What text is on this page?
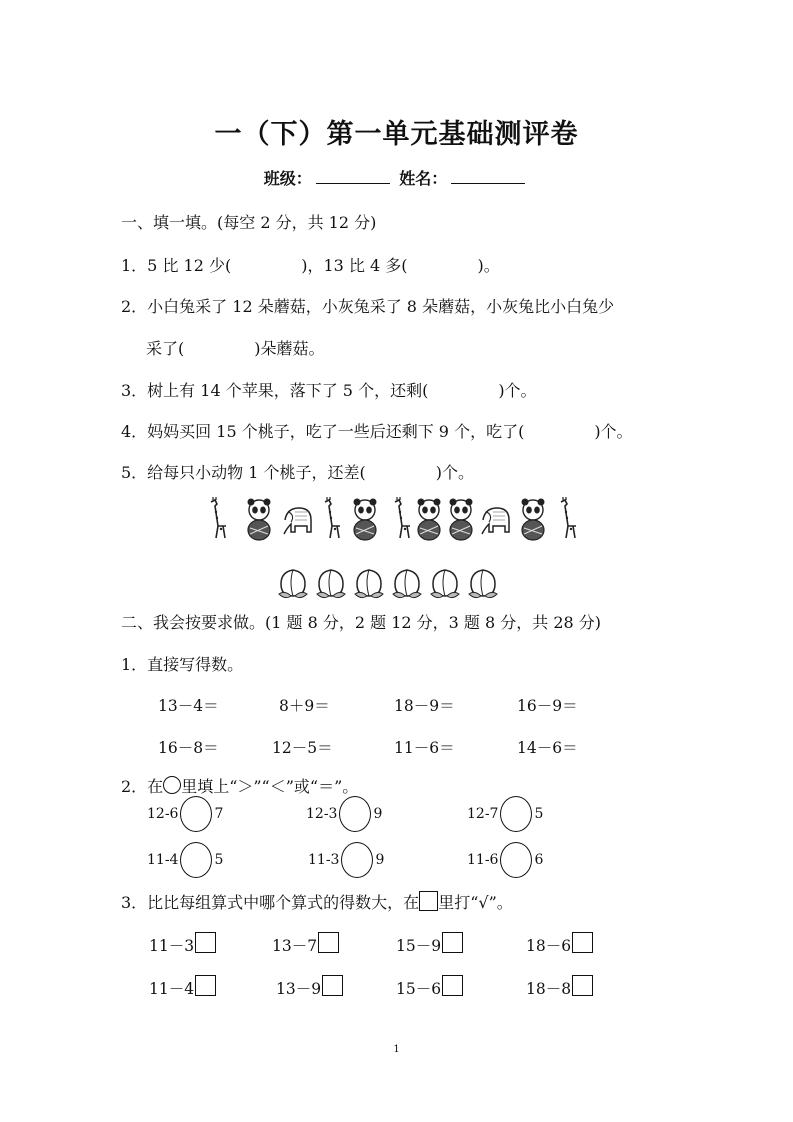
一（下）第一单元基础测评卷
班级：	姓名：
一、填一填。(每空 2 分，共 12 分)
1．5 比 12 少(	)，13 比 4 多(	)。
2．小白兔采了 12 朵蘑菇，小灰兔采了 8 朵蘑菇，小灰兔比小白兔少
采了(	)朵蘑菇。
3．树上有 14 个苹果，落下了 5 个，还剩(	)个。
4．妈妈买回 15 个桃子，吃了一些后还剩下 9 个，吃了(	)个。
5．给每只小动物 1 个桃子，还差(	)个。
二、我会按要求做。(1 题 8 分，2 题 12 分，3 题 8 分，共 28 分)
1．直接写得数。
13－4＝	8＋9＝	18－9＝	16－9＝
16－8＝	12－5＝	11－6＝	14－6＝
2．在 里填上“＞”“＜”或“＝”。
12-6	7	12-3	9	12-7	5
11-4	5	11-3	9	11-6	6
3．比比每组算式中哪个算式的得数大，在 里打“√”。
11－3	13－7	15－9	18－6
11－4	13－9	15－6	18－8
1
